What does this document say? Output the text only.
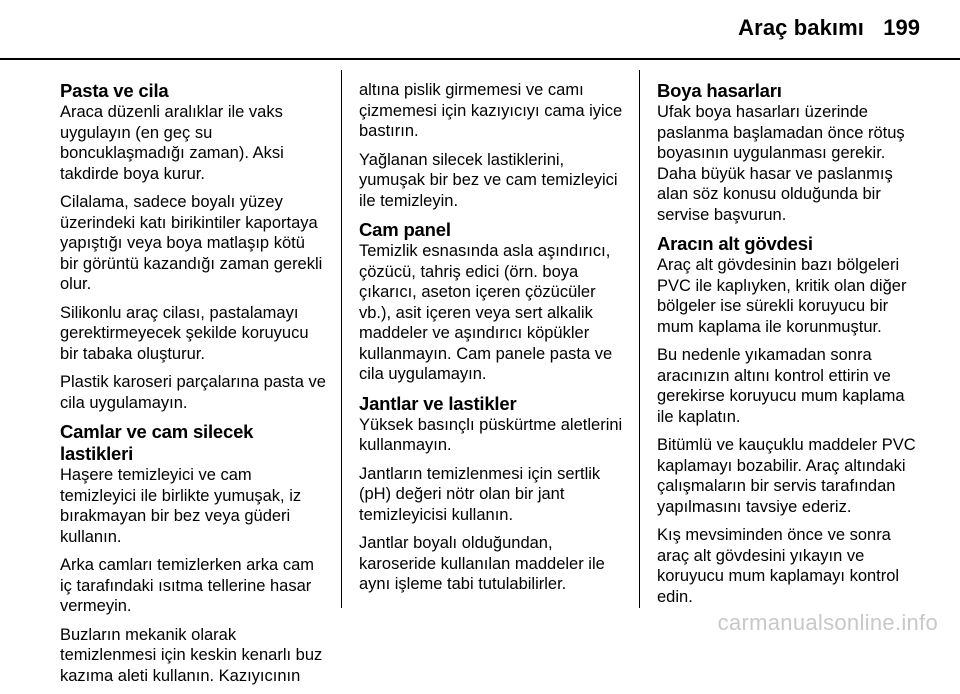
Araç bakımı 199
Pasta ve cila

Araca düzenli aralıklar ile vaks uygulayın (en geç su boncuklaşmadığı zaman). Aksi takdirde boya kurur.

Cilalama, sadece boyalı yüzey üzerindeki katı birikintiler kaportaya yapıştığı veya boya matlaşıp kötü bir görüntü kazandığı zaman gerekli olur.

Silikonlu araç cilası, pastalamayı gerektirmeyecek şekilde koruyucu bir tabaka oluşturur.

Plastik karoseri parçalarına pasta ve cila uygulamayın.

Camlar ve cam silecek lastikleri

Haşere temizleyici ve cam temizleyici ile birlikte yumuşak, iz bırakmayan bir bez veya güderi kullanın.

Arka camları temizlerken arka cam iç tarafındaki ısıtma tellerine hasar vermeyin.

Buzların mekanik olarak temizlenmesi için keskin kenarlı buz kazıma aleti kullanın. Kazıyıcının

altına pislik girmemesi ve camı çizmemesi için kazıyıcıyı cama iyice bastırın.

Yağlanan silecek lastiklerini, yumuşak bir bez ve cam temizleyici ile temizleyin.

Cam panel

Temizlik esnasında asla aşındırıcı, çözücü, tahriş edici (örn. boya çıkarıcı, aseton içeren çözücüler vb.), asit içeren veya sert alkalik maddeler ve aşındırıcı köpükler kullanmayın. Cam panele pasta ve cila uygulamayın.

Jantlar ve lastikler

Yüksek basınçlı püskürtme aletlerini kullanmayın.

Jantların temizlenmesi için sertlik (pH) değeri nötr olan bir jant temizleyicisi kullanın.

Jantlar boyalı olduğundan, karoseride kullanılan maddeler ile aynı işleme tabi tutulabilirler.

Boya hasarları

Ufak boya hasarları üzerinde paslanma başlamadan önce rötuş boyasının uygulanması gerekir. Daha büyük hasar ve paslanmış alan söz konusu olduğunda bir servise başvurun.

Aracın alt gövdesi

Araç alt gövdesinin bazı bölgeleri PVC ile kaplıyken, kritik olan diğer bölgeler ise sürekli koruyucu bir mum kaplama ile korunmuştur.

Bu nedenle yıkamadan sonra aracınızın altını kontrol ettirin ve gerekirse koruyucu mum kaplama ile kaplatın.

Bitümlü ve kauçuklu maddeler PVC kaplamayı bozabilir. Araç altındaki çalışmaların bir servis tarafından yapılmasını tavsiye ederiz.

Kış mevsiminden önce ve sonra araç alt gövdesini yıkayın ve koruyucu mum kaplamayı kontrol edin.

carmanualsonline.info
